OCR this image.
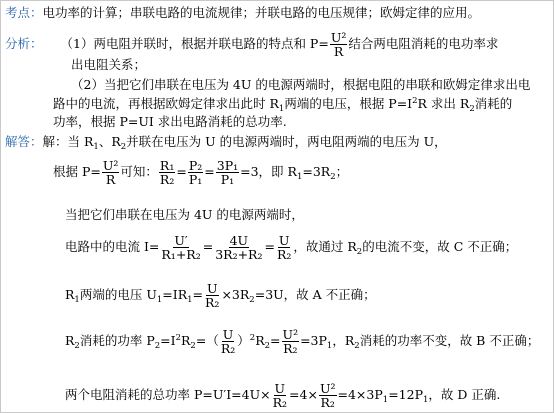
考点：电功率的计算；串联电路的电流规律；并联电路的电压规律；欧姆定律的应用。
分析： （1）两电阻并联时，根据并联电路的特点和 $P= \frac{\text{U²}}{R}$ 结合两电阻消耗的电功率求
出电阻关系；
（2）当把它们串联在电压为 4U 的电源两端时，根据电阻的串联和欧姆定律求出电
路中的电流，再根据欧姆定律求出此时 $R_1$两端的电压，根据 $P=I^2R$ 求出 $R_2$消耗的
功率，根据 P=UI 求出电路消耗的总功率.
解答：解：当 $R_1$、$R_2$并联在电压为 U 的电源两端时，两电阻两端的电压为 U，
根据 $P= \frac{\text{U²}}{R}$ 可知： $\frac{\text{R₁}}{\text{R₂}} = \frac{\text{P₂}}{\text{P₁}} = \frac{\text{3P₁}}{\text{P₁}} =3$，即 $R_1=3R_2$；
当把它们串联在电压为 4U 的电源两端时，
电路中的电流 $I= \frac{U'}{\text{R₁+R₂}} = \frac{4U}{\text{3R₂+R₂}} = \frac{U}{\text{R₂}}$ ，故通过 $R_2$的电流不变，故 C 不正确；
$R_1$两端的电压 $U_1=IR_1= \frac{U}{\text{R₂}} \times 3R_2=3U$，故 A 不正确；
$R_2$消耗的功率 $P_2=I^2R_2=( \frac{U}{\text{R₂}} )^2R_2= \frac{\text{U²}}{\text{R₂}} =3P_1$，$R_2$消耗的功率不变，故 B 不正确；
两个电阻消耗的总功率 $P=U'I=4U\times \frac{U}{\text{R₂}} =4\times \frac{\text{U²}}{\text{R₂}} =4\times 3P_1=12P_1$，故 D 正确.
